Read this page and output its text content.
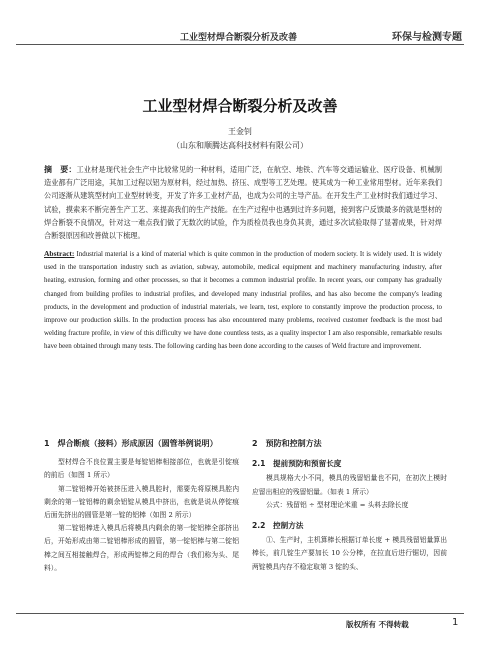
工业型材焊合断裂分析及改善	环保与检测专题
工业型材焊合断裂分析及改善
王金钊
（山东和顺腾达高科技材料有限公司）
摘　要：工业材是现代社会生产中比较常见的一种材料，适用广泛，在航空、地铁、汽车等交通运输业、医疗设备、机械制造业都有广泛用途，其加工过程以铝为原材料，经过加热、挤压、成型等工艺处理。使其成为一种工业常用型材。近年来我们公司逐渐从建筑型材向工业型材转变，开发了许多工业材产品，也成为公司的主导产品。在开发生产工业材时我们通过学习、试验，摸索来不断完善生产工艺、来提高我们的生产技能。在生产过程中也遇到过许多问题，接到客户反馈最多的就是型材的焊合断裂不良情况，针对这一难点我们做了无数次的试验，作为质检员我也身负其责，通过多次试验取得了显著成果，针对焊合断裂原因和改善做以下梳理。
Abstract: Industrial material is a kind of material which is quite common in the production of modern society. It is widely used. It is widely used in the transportation industry such as aviation, subway, automobile, medical equipment and machinery manufacturing industry, after heating, extrusion, forming and other processes, so that it becomes a common industrial profile. In recent years, our company has gradually changed from building profiles to industrial profiles, and developed many industrial profiles, and has also become the company's leading products, in the development and production of industrial materials, we learn, test, explore to constantly improve the production process, to improve our production skills. In the production process has also encountered many problems, received customer feedback is the most bad welding fracture profile, in view of this difficulty we have done countless tests, as a quality inspector I am also responsible, remarkable results have been obtained through many tests. The following carding has been done according to the causes of Weld fracture and improvement.
1　焊合断痕（接料）形成原因（圆管举例说明）

型材焊合不良位置主要是每锭铝棒相接部位，也就是引锭痕的前后（如图 1 所示）

第二锭铝棒开始被挤压进入模具腔时，需要先将原模具腔内剩余的第一锭铝棒的剩余铝锭从模具中挤出，也就是说从停锭痕后面先挤出的圆管是第一锭的铝棒（如图 2 所示）

第二锭铝棒进入模具后将模具内剩余的第一锭铝棒全部挤出后，开始形成由第二锭铝棒形成的圆管，第一锭铝棒与第二锭铝棒之间互相接触焊合，形成两锭棒之间的焊合（我们称为头、尾料）。

2　预防和控制方法
2.1　提前预防和预留长度

模具规格大小不同，模具的残留铝量也不同，在初次上模时应留出相应的残留铝量。（如表 1 所示）

公式：残留铝 ÷ 型材理论米重 = 头料去除长度

2.2　控制方法

①、生产时，主机算棒长根据订单长度 + 模具残留铝量算出棒长，前几锭生产要加长 10 公分棒，在拉直后进行锯切，因前两锭模具内存不稳定取第 3 锭的头、

版权所有 不得转载	1
